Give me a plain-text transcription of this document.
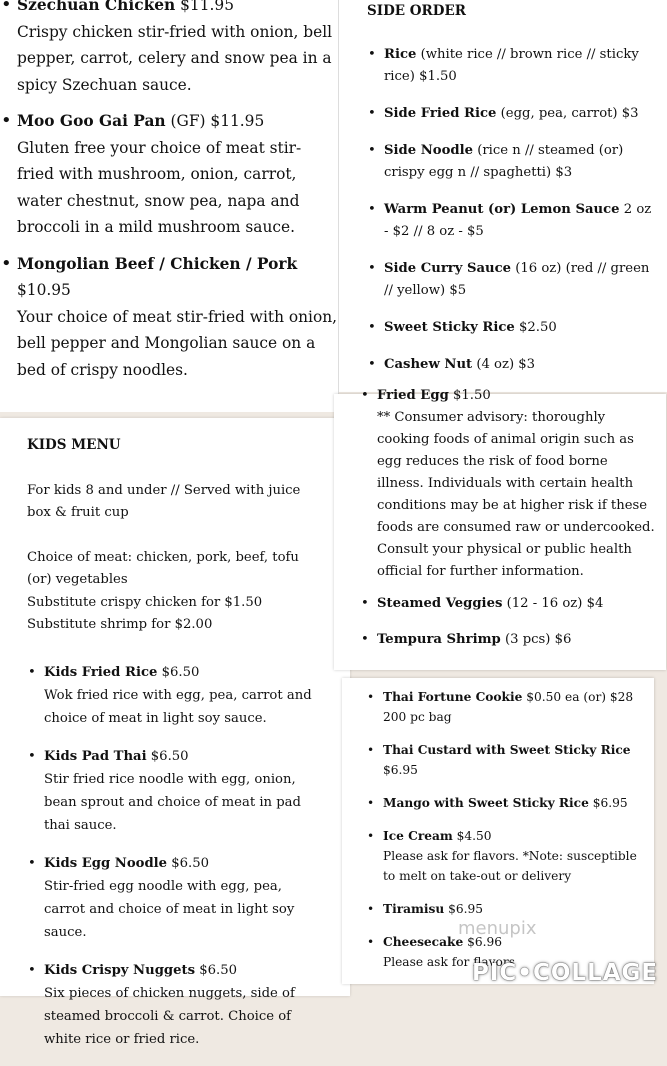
• Szechuan Chicken $11.95
Crispy chicken stir-fried with onion, bell pepper, carrot, celery and snow pea in a spicy Szechuan sauce.
• Moo Goo Gai Pan (GF) $11.95
Gluten free your choice of meat stir-fried with mushroom, onion, carrot, water chestnut, snow pea, napa and broccoli in a mild mushroom sauce.
• Mongolian Beef / Chicken / Pork
$10.95
Your choice of meat stir-fried with onion, bell pepper and Mongolian sauce on a bed of crispy noodles.
SIDE ORDER
• Rice (white rice // brown rice // sticky rice) $1.50
• Side Fried Rice (egg, pea, carrot) $3
• Side Noodle (rice n // steamed (or) crispy egg n // spaghetti) $3
• Warm Peanut (or) Lemon Sauce 2 oz - $2 // 8 oz - $5
• Side Curry Sauce (16 oz) (red // green // yellow) $5
• Sweet Sticky Rice $2.50
• Cashew Nut (4 oz) $3
KIDS MENU

For kids 8 and under // Served with juice box & fruit cup

Choice of meat: chicken, pork, beef, tofu (or) vegetables
Substitute crispy chicken for $1.50
Substitute shrimp for $2.00

• Kids Fried Rice $6.50
Wok fried rice with egg, pea, carrot and choice of meat in light soy sauce.
• Kids Pad Thai $6.50
Stir fried rice noodle with egg, onion, bean sprout and choice of meat in pad thai sauce.
• Kids Egg Noodle $6.50
Stir-fried egg noodle with egg, pea, carrot and choice of meat in light soy sauce.
• Kids Crispy Nuggets $6.50
Six pieces of chicken nuggets, side of steamed broccoli & carrot. Choice of white rice or fried rice.
• Fried Egg $1.50
** Consumer advisory: thoroughly cooking foods of animal origin such as egg reduces the risk of food borne illness. Individuals with certain health conditions may be at higher risk if these foods are consumed raw or undercooked. Consult your physical or public health official for further information.
• Steamed Veggies (12 - 16 oz) $4
• Tempura Shrimp (3 pcs) $6
• Thai Fortune Cookie $0.50 ea (or) $28 200 pc bag
• Thai Custard with Sweet Sticky Rice
$6.95
• Mango with Sweet Sticky Rice $6.95
• Ice Cream $4.50
Please ask for flavors. *Note: susceptible to melt on take-out or delivery
• Tiramisu $6.95
• Cheesecake $6.96
Please ask for flavors
menupix
PIC•COLLAGE
